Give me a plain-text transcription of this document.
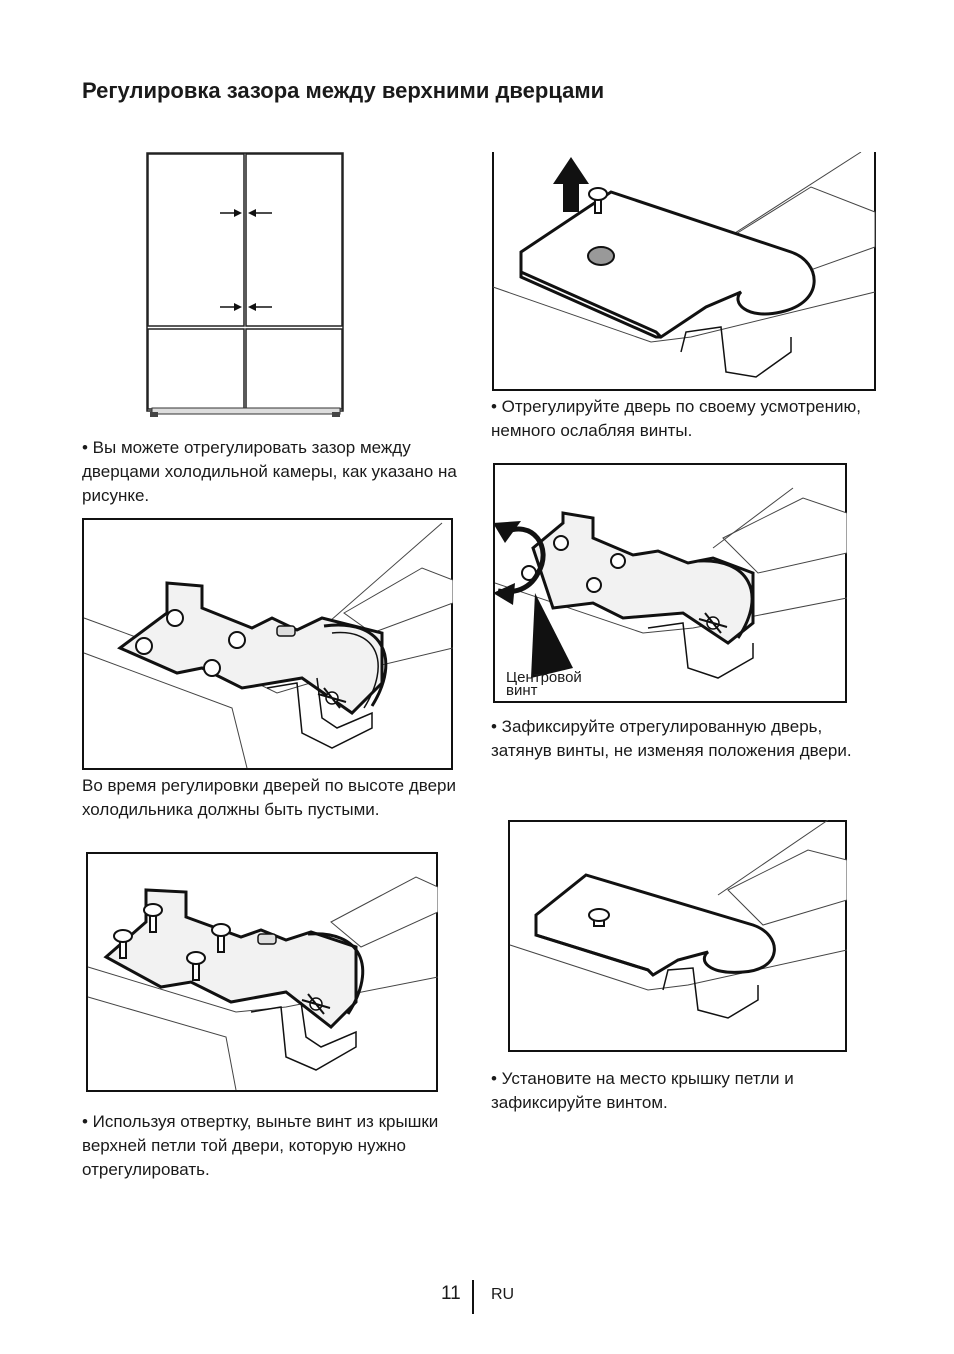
Регулировка зазора между верхними дверцами

• Вы можете отрегулировать зазор между дверцами холодильной камеры, как указано на рисунке.

Во время регулировки дверей по высоте двери холодильника должны быть пустыми.

• Используя отвертку, выньте винт из крышки верхней петли той двери, которую нужно отрегулировать.

• Отрегулируйте дверь по своему усмотрению, немного ослабляя винты.

Центровой винт

• Зафиксируйте отрегулированную дверь, затянув винты, не изменяя положения двери.

• Установите на место крышку петли и зафиксируйте винтом.

11 RU
